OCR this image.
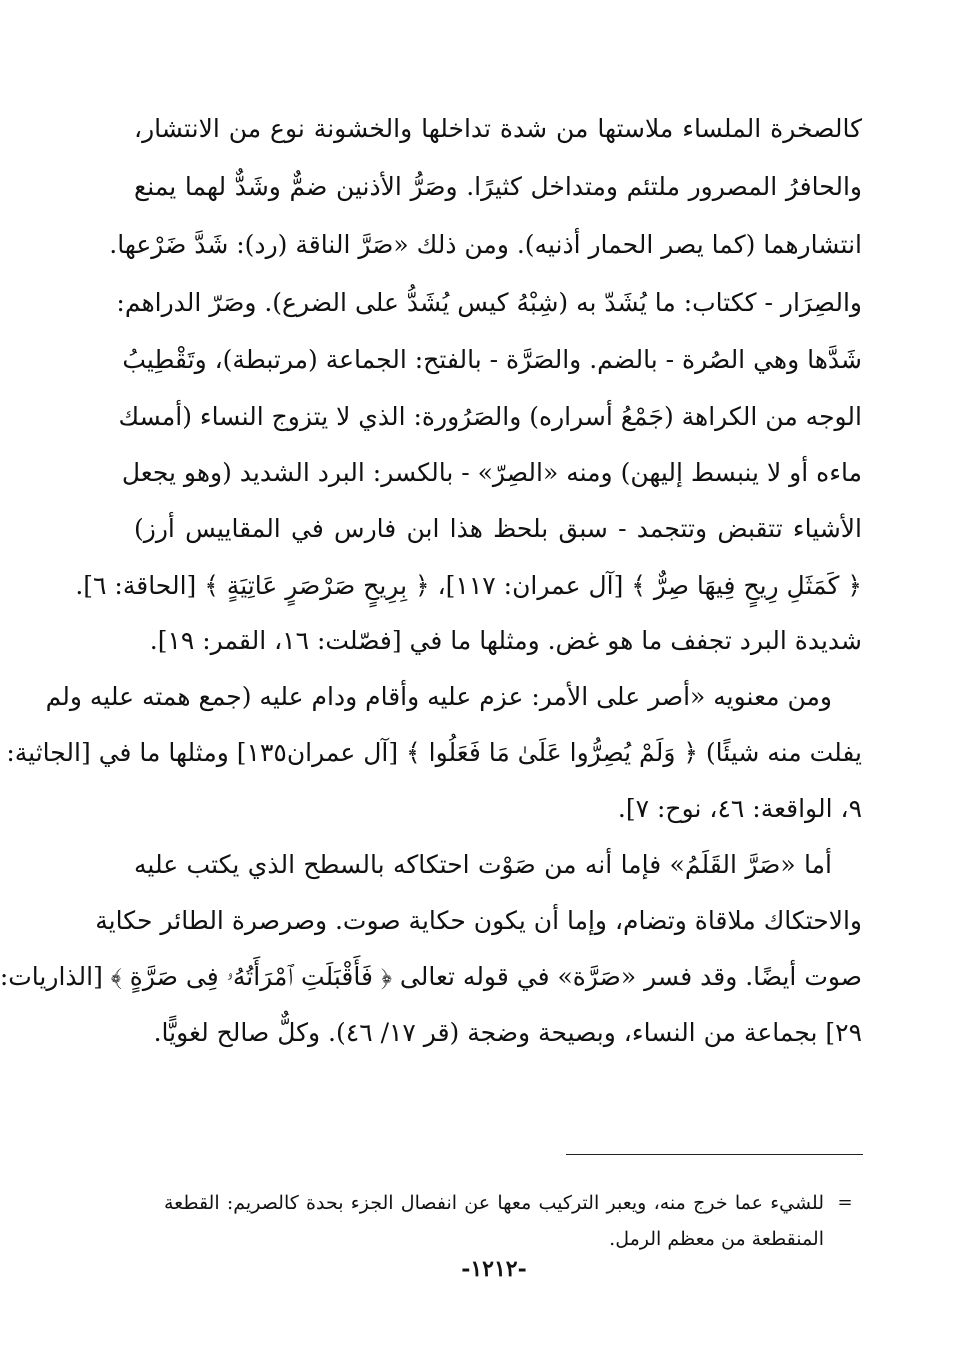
كالصخرة الملساء ملاستها من شدة تداخلها والخشونة نوع من الانتشار،
والحافرُ المصرور ملتئم ومتداخل كثيرًا. وصَرُّ الأذنين ضمٌّ وشَدٌّ لهما يمنع
انتشارهما (كما يصر الحمار أذنيه). ومن ذلك «صَرَّ الناقة (رد): شَدَّ ضَرْعها.
والصِرَار - ككتاب: ما يُشَدّ به (شِبْهُ كيس يُشَدُّ على الضرع). وصَرّ الدراهم:
شَدَّها وهي الصُرة - بالضم. والصَرَّة - بالفتح: الجماعة (مرتبطة)، وتَقْطِيبُ
الوجه من الكراهة (جَمْعُ أسراره) والصَرُورة: الذي لا يتزوج النساء (أمسك
ماءه أو لا ينبسط إليهن) ومنه «الصِرّ» - بالكسر: البرد الشديد (وهو يجعل
الأشياء تتقبض وتتجمد - سبق بلحظ هذا ابن فارس في المقاييس أرز)
﴿ كَمَثَلِ رِيحٍ فِيهَا صِرٌّ ﴾ [آل عمران: ١١٧]، ﴿ بِرِيحٍ صَرْصَرٍ عَاتِيَةٍ ﴾ [الحاقة: ٦].
شديدة البرد تجفف ما هو غض. ومثلها ما في [فصّلت: ١٦، القمر: ١٩].
ومن معنويه «أصر على الأمر: عزم عليه وأقام ودام عليه (جمع همته عليه ولم
يفلت منه شيئًا) ﴿ وَلَمْ يُصِرُّوا عَلَىٰ مَا فَعَلُوا ﴾ [آل عمران١٣٥] ومثلها ما في [الجاثية:
٩، الواقعة: ٤٦، نوح: ٧].
أما «صَرَّ القَلَمُ» فإما أنه من صَوْت احتكاكه بالسطح الذي يكتب عليه
والاحتكاك ملاقاة وتضام، وإما أن يكون حكاية صوت. وصرصرة الطائر حكاية
صوت أيضًا. وقد فسر «صَرَّة» في قوله تعالى ﴿ فَأَقْبَلَتِ ٱمْرَأَتُهُۥ فِى صَرَّةٍ ﴾ [الذاريات:
٢٩] بجماعة من النساء، وبصيحة وضجة (قر ١٧/ ٤٦). وكلٌّ صالح لغويًّا.
=
للشيء عما خرج منه، ويعبر التركيب معها عن انفصال الجزء بحدة كالصريم: القطعة
المنقطعة من معظم الرمل.
-١٢١٢-
